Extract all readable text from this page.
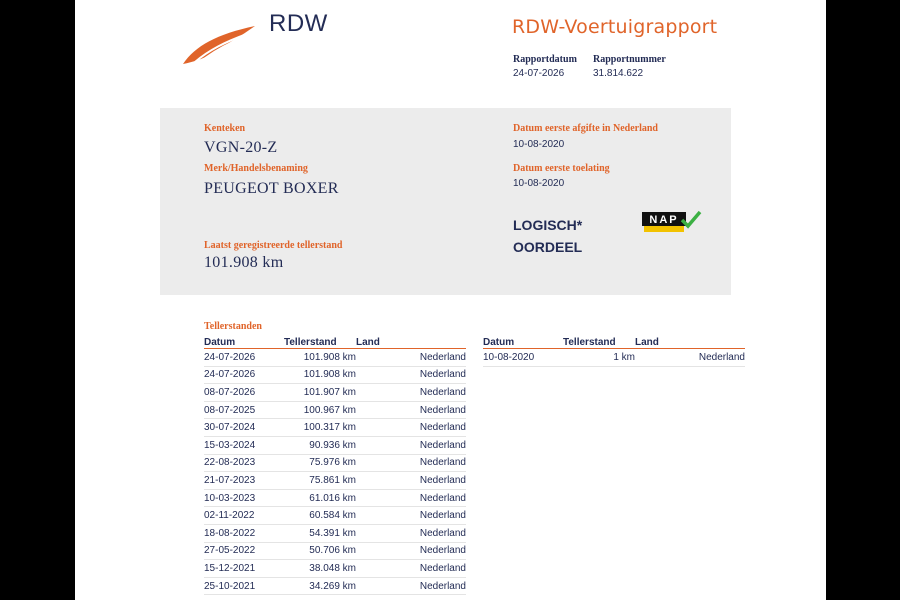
RDW	RDW-Voertuigrapport
Rapportdatum
24-07-2026
Rapportnummer
31.814.622
Kenteken
VGN-20-Z
Merk/Handelsbenaming
PEUGEOT BOXER
Laatst geregistreerde tellerstand
101.908 km
Datum eerste afgifte in Nederland
10-08-2020
Datum eerste toelating
10-08-2020
LOGISCH*
OORDEEL
NAP
Tellerstanden
Datum	Tellerstand	Land
24-07-2026	101.908 km	Nederland
24-07-2026	101.908 km	Nederland
08-07-2026	101.907 km	Nederland
08-07-2025	100.967 km	Nederland
30-07-2024	100.317 km	Nederland
15-03-2024	90.936 km	Nederland
22-08-2023	75.976 km	Nederland
21-07-2023	75.861 km	Nederland
10-03-2023	61.016 km	Nederland
02-11-2022	60.584 km	Nederland
18-08-2022	54.391 km	Nederland
27-05-2022	50.706 km	Nederland
15-12-2021	38.048 km	Nederland
25-10-2021	34.269 km	Nederland
Datum	Tellerstand	Land
10-08-2020	1 km	Nederland
